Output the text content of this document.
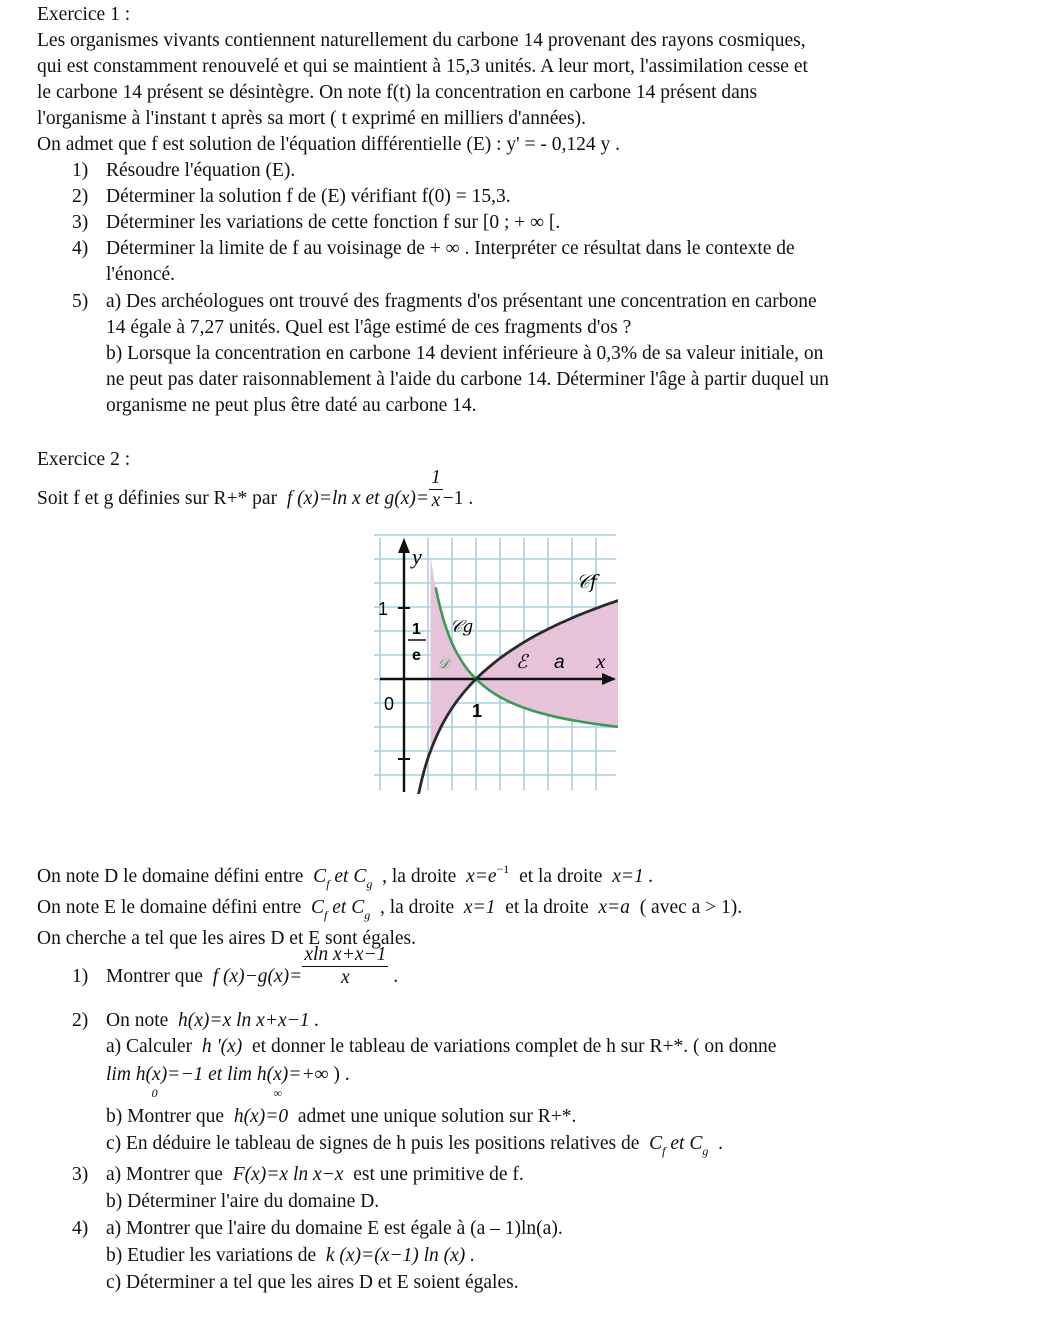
Exercice 1 :
Les organismes vivants contiennent naturellement du carbone 14 provenant des rayons cosmiques,
qui est constamment renouvelé et qui se maintient à 15,3 unités. A leur mort, l'assimilation cesse et
le carbone 14 présent se désintègre. On note f(t) la concentration en carbone 14 présent dans
l'organisme à l'instant t après sa mort ( t exprimé en milliers d'années).
On admet que f est solution de l'équation différentielle (E) : y' = - 0,124 y .
1) Résoudre l'équation (E).
2) Déterminer la solution f de (E) vérifiant f(0) = 15,3.
3) Déterminer les variations de cette fonction f sur [0 ; + ∞ [.
4) Déterminer la limite de f au voisinage de + ∞ . Interpréter ce résultat dans le contexte de
l'énoncé.
5) a) Des archéologues ont trouvé des fragments d'os présentant une concentration en carbone
14 égale à 7,27 unités. Quel est l'âge estimé de ces fragments d'os ?
b) Lorsque la concentration en carbone 14 devient inférieure à 0,3% de sa valeur initiale, on
ne peut pas dater raisonnablement à l'aide du carbone 14. Déterminer l'âge à partir duquel un
organisme ne peut plus être daté au carbone 14.
Exercice 2 :
Soit f et g définies sur R+* par f (x)=ln x et $g(x)= \frac{1}{x} -1$ .
y
x
1
1
0
1
e
𝒞f
𝒞g
𝒟	ℰ a
On note D le domaine défini entre $C_f$ et $C_g$ , la droite $x=e^{-1}$ et la droite x=1 .
On note E le domaine défini entre $C_f$ et $C_g$ , la droite x=1 et la droite x=a ( avec a > 1).
On cherche a tel que les aires D et E sont égales.
1) Montrer que f $(x)-g(x)= \frac{\text{xln x+x−1}}{x}$ .
2) On note h(x)=x ln x+x−1 .
a) Calculer h '(x) et donner le tableau de variations complet de h sur R+*. ( on donne
lim h(x)=−1
0
et lim h(x)=+∞
∞
) .
b) Montrer que h(x)=0 admet une unique solution sur R+*.
c) En déduire le tableau de signes de h puis les positions relatives de $C_f$ et $C_g$ .
3) a) Montrer que F(x)=x ln x−x est une primitive de f.
b) Déterminer l'aire du domaine D.
4) a) Montrer que l'aire du domaine E est égale à (a – 1)ln(a).
b) Etudier les variations de k (x)=(x−1) ln (x) .
c) Déterminer a tel que les aires D et E soient égales.
